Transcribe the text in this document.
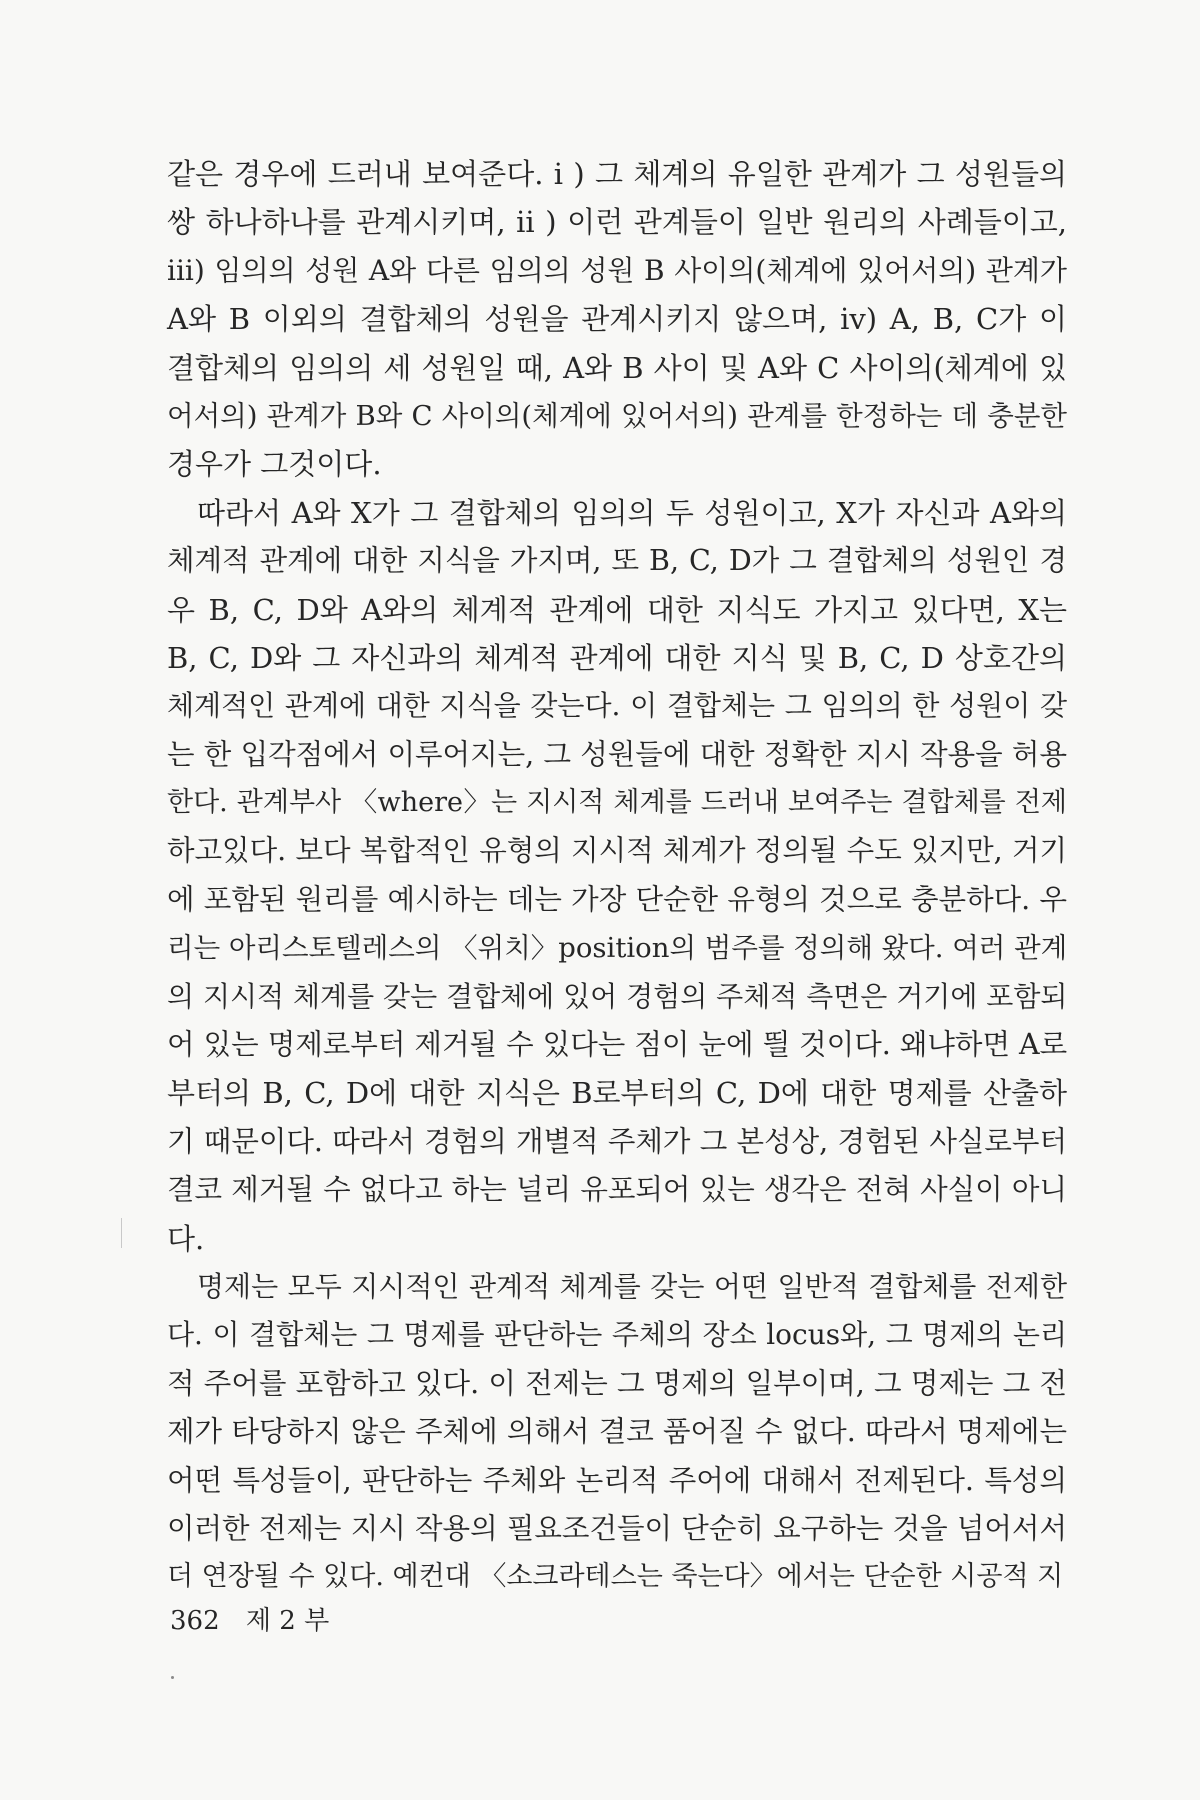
같은 경우에 드러내 보여준다. i ) 그 체계의 유일한 관계가 그 성원들의
쌍 하나하나를 관계시키며, ii ) 이런 관계들이 일반 원리의 사례들이고,
iii) 임의의 성원 A와 다른 임의의 성원 B 사이의(체계에 있어서의) 관계가
A와 B 이외의 결합체의 성원을 관계시키지 않으며, iv) A, B, C가 이
결합체의 임의의 세 성원일 때, A와 B 사이 및 A와 C 사이의(체계에 있
어서의) 관계가 B와 C 사이의(체계에 있어서의) 관계를 한정하는 데 충분한
경우가 그것이다.
따라서 A와 X가 그 결합체의 임의의 두 성원이고, X가 자신과 A와의
체계적 관계에 대한 지식을 가지며, 또 B, C, D가 그 결합체의 성원인 경
우 B, C, D와 A와의 체계적 관계에 대한 지식도 가지고 있다면, X는
B, C, D와 그 자신과의 체계적 관계에 대한 지식 및 B, C, D 상호간의
체계적인 관계에 대한 지식을 갖는다. 이 결합체는 그 임의의 한 성원이 갖
는 한 입각점에서 이루어지는, 그 성원들에 대한 정확한 지시 작용을 허용
한다. 관계부사 〈where〉는 지시적 체계를 드러내 보여주는 결합체를 전제
하고있다. 보다 복합적인 유형의 지시적 체계가 정의될 수도 있지만, 거기
에 포함된 원리를 예시하는 데는 가장 단순한 유형의 것으로 충분하다. 우
리는 아리스토텔레스의 〈위치〉position의 범주를 정의해 왔다. 여러 관계
의 지시적 체계를 갖는 결합체에 있어 경험의 주체적 측면은 거기에 포함되
어 있는 명제로부터 제거될 수 있다는 점이 눈에 띌 것이다. 왜냐하면 A로
부터의 B, C, D에 대한 지식은 B로부터의 C, D에 대한 명제를 산출하
기 때문이다. 따라서 경험의 개별적 주체가 그 본성상, 경험된 사실로부터
결코 제거될 수 없다고 하는 널리 유포되어 있는 생각은 전혀 사실이 아니
다.
명제는 모두 지시적인 관계적 체계를 갖는 어떤 일반적 결합체를 전제한
다. 이 결합체는 그 명제를 판단하는 주체의 장소 locus와, 그 명제의 논리
적 주어를 포함하고 있다. 이 전제는 그 명제의 일부이며, 그 명제는 그 전
제가 타당하지 않은 주체에 의해서 결코 품어질 수 없다. 따라서 명제에는
어떤 특성들이, 판단하는 주체와 논리적 주어에 대해서 전제된다. 특성의
이러한 전제는 지시 작용의 필요조건들이 단순히 요구하는 것을 넘어서서
더 연장될 수 있다. 예컨대 〈소크라테스는 죽는다〉에서는 단순한 시공적 지
362 제 2 부
